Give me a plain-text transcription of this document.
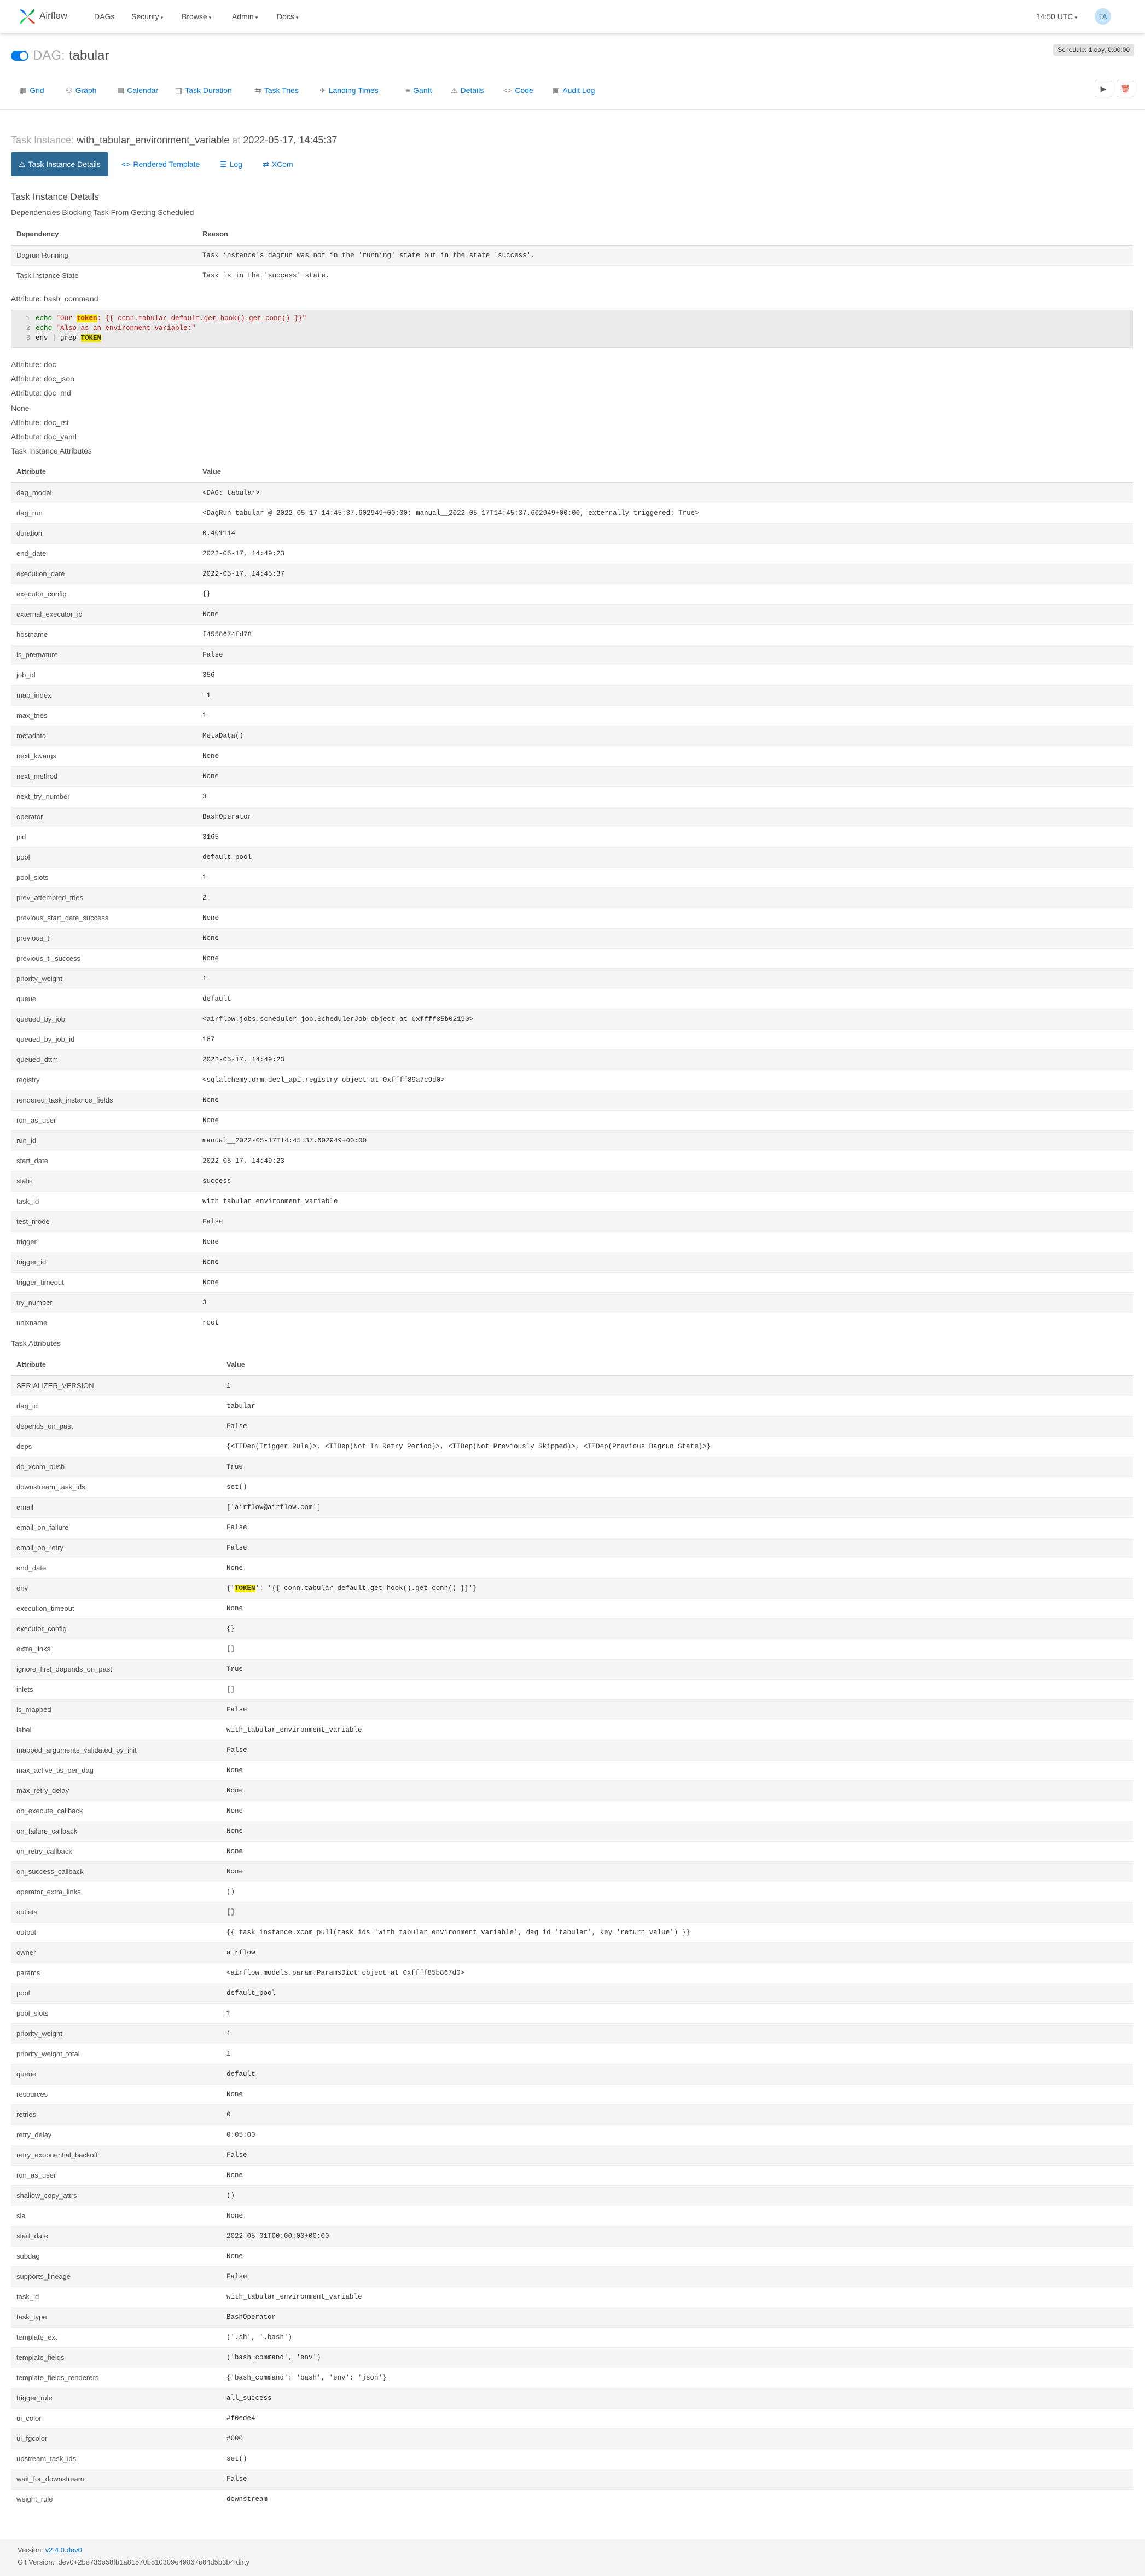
Airflow	DAGs Security ▾ Browse ▾	Admin ▾ Docs ▾	14:50 UTC ▾	TA
DAG: tabular	Schedule: 1 day, 0:00:00
▦ Grid	⚇ Graph	▤ Calendar ▥ Task Duration	⇆ Task Tries	✈ Landing Times	≡ Gantt ⚠ Details	<> Code	▣ Audit Log	▶	🗑
Task Instance: with_tabular_environment_variable at 2022-05-17, 14:45:37
⚠ Task Instance Details	<> Rendered Template	☰ Log	⇄ XCom
Task Instance Details
Dependencies Blocking Task From Getting Scheduled
Dependency	Reason
Dagrun Running	Task instance's dagrun was not in the 'running' state but in the state 'success'.
Task Instance State	Task is in the 'success' state.
Attribute: bash_command
1 echo "Our token: {{ conn.tabular_default.get_hook().get_conn() }}"
2 echo "Also as an environment variable:"
3 env | grep TOKEN
Attribute: doc
Attribute: doc_json
Attribute: doc_md
None
Attribute: doc_rst
Attribute: doc_yaml
Task Instance Attributes
Attribute	Value
dag_model	<DAG: tabular>
dag_run	<DagRun tabular @ 2022-05-17 14:45:37.602949+00:00: manual__2022-05-17T14:45:37.602949+00:00, externally triggered: True>
duration	0.401114
end_date	2022-05-17, 14:49:23
execution_date	2022-05-17, 14:45:37
executor_config	{}
external_executor_id	None
hostname	f4558674fd78
is_premature	False
job_id	356
map_index	-1
max_tries	1
metadata	MetaData()
next_kwargs	None
next_method	None
next_try_number	3
operator	BashOperator
pid	3165
pool	default_pool
pool_slots	1
prev_attempted_tries	2
previous_start_date_success	None
previous_ti	None
previous_ti_success	None
priority_weight	1
queue	default
queued_by_job	<airflow.jobs.scheduler_job.SchedulerJob object at 0xffff85b02190>
queued_by_job_id	187
queued_dttm	2022-05-17, 14:49:23
registry	<sqlalchemy.orm.decl_api.registry object at 0xffff89a7c9d0>
rendered_task_instance_fields	None
run_as_user	None
run_id	manual__2022-05-17T14:45:37.602949+00:00
start_date	2022-05-17, 14:49:23
state	success
task_id	with_tabular_environment_variable
test_mode	False
trigger	None
trigger_id	None
trigger_timeout	None
try_number	3
unixname	root
Task Attributes
Attribute	Value
SERIALIZER_VERSION	1
dag_id	tabular
depends_on_past	False
deps	{<TIDep(Trigger Rule)>, <TIDep(Not In Retry Period)>, <TIDep(Not Previously Skipped)>, <TIDep(Previous Dagrun State)>}
do_xcom_push	True
downstream_task_ids	set()
email	['airflow@airflow.com']
email_on_failure	False
email_on_retry	False
end_date	None
env	{'TOKEN': '{{ conn.tabular_default.get_hook().get_conn() }}'}
execution_timeout	None
executor_config	{}
extra_links	[]
ignore_first_depends_on_past	True
inlets	[]
is_mapped	False
label	with_tabular_environment_variable
mapped_arguments_validated_by_init	False
max_active_tis_per_dag	None
max_retry_delay	None
on_execute_callback	None
on_failure_callback	None
on_retry_callback	None
on_success_callback	None
operator_extra_links	()
outlets	[]
output	{{ task_instance.xcom_pull(task_ids='with_tabular_environment_variable', dag_id='tabular', key='return_value') }}
owner	airflow
params	<airflow.models.param.ParamsDict object at 0xffff85b867d0>
pool	default_pool
pool_slots	1
priority_weight	1
priority_weight_total	1
queue	default
resources	None
retries	0
retry_delay	0:05:00
retry_exponential_backoff	False
run_as_user	None
shallow_copy_attrs	()
sla	None
start_date	2022-05-01T00:00:00+00:00
subdag	None
supports_lineage	False
task_id	with_tabular_environment_variable
task_type	BashOperator
template_ext	('.sh', '.bash')
template_fields	('bash_command', 'env')
template_fields_renderers	{'bash_command': 'bash', 'env': 'json'}
trigger_rule	all_success
ui_color	#f0ede4
ui_fgcolor	#000
upstream_task_ids	set()
wait_for_downstream	False
weight_rule	downstream
Version: v2.4.0.dev0
Git Version: .dev0+2be736e58fb1a81570b810309e49867e84d5b3b4.dirty
